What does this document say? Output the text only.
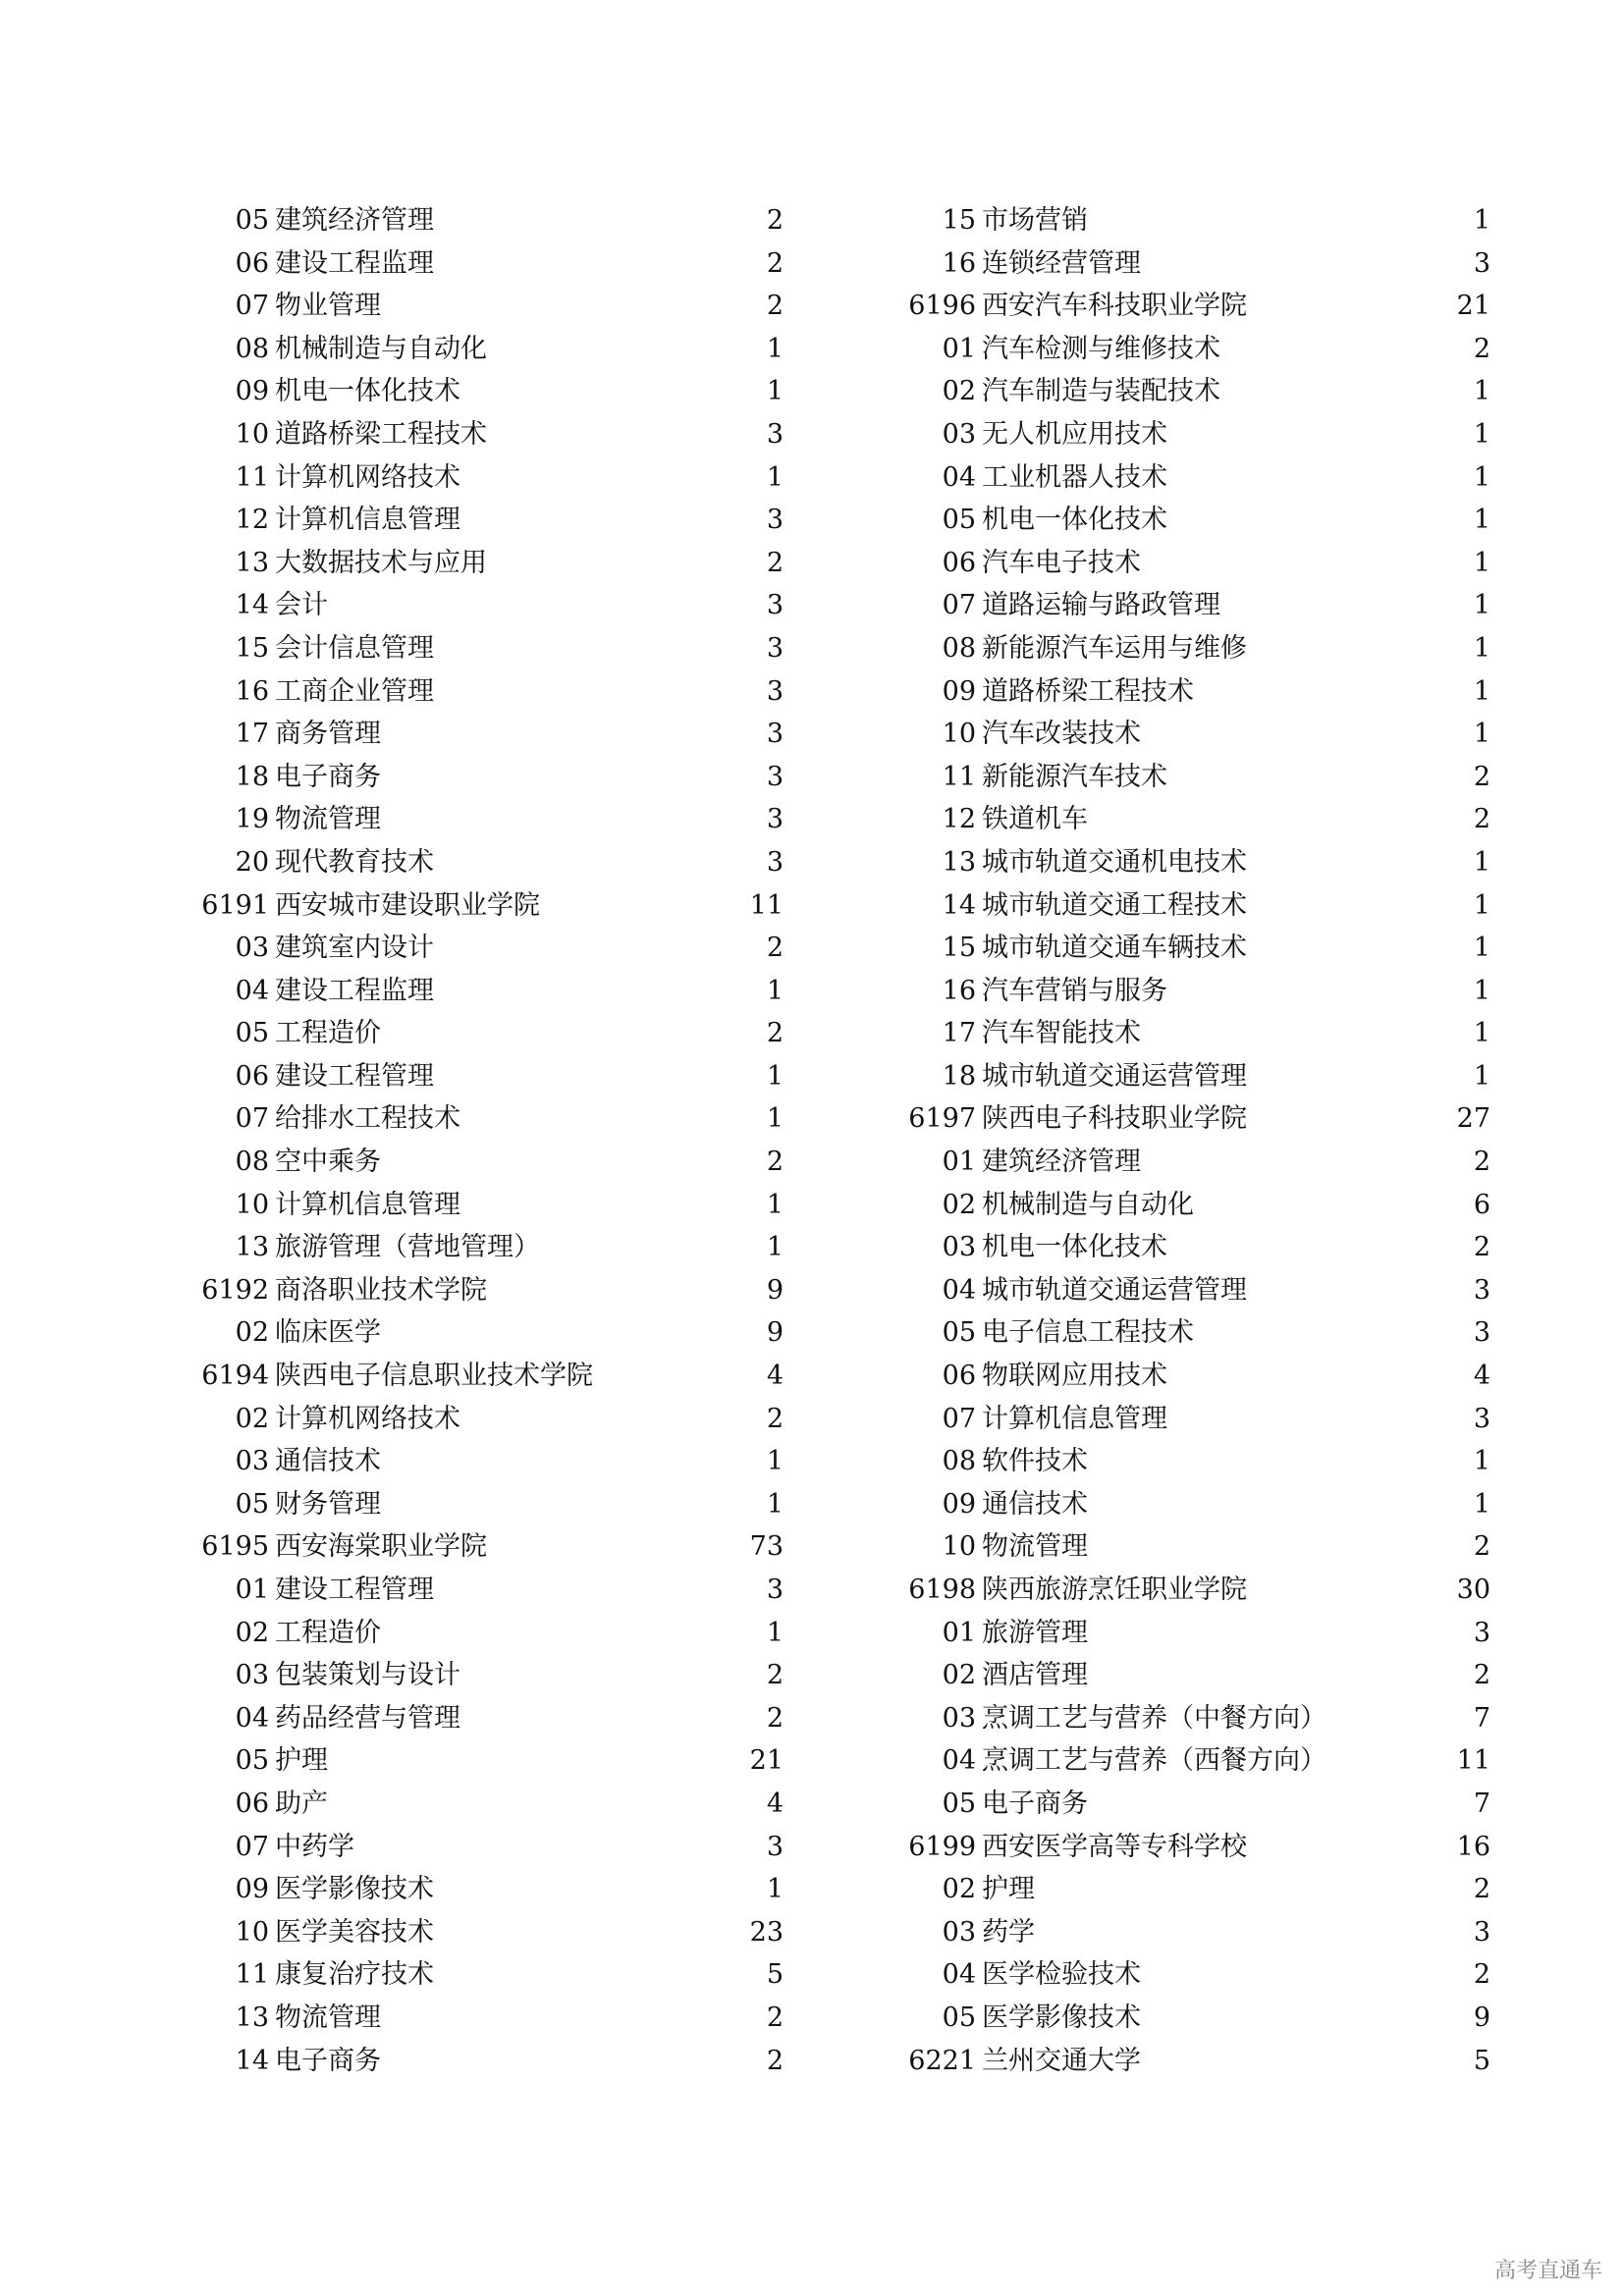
05 建筑经济管理	2
06 建设工程监理	2
07 物业管理	2
08 机械制造与自动化	1
09 机电一体化技术	1
10 道路桥梁工程技术	3
11 计算机网络技术	1
12 计算机信息管理	3
13 大数据技术与应用	2
14 会计	3
15 会计信息管理	3
16 工商企业管理	3
17 商务管理	3
18 电子商务	3
19 物流管理	3
20 现代教育技术	3
6191 西安城市建设职业学院	11
03 建筑室内设计	2
04 建设工程监理	1
05 工程造价	2
06 建设工程管理	1
07 给排水工程技术	1
08 空中乘务	2
10 计算机信息管理	1
13 旅游管理（营地管理）	1
6192 商洛职业技术学院	9
02 临床医学	9
6194 陕西电子信息职业技术学院	4
02 计算机网络技术	2
03 通信技术	1
05 财务管理	1
6195 西安海棠职业学院	73
01 建设工程管理	3
02 工程造价	1
03 包装策划与设计	2
04 药品经营与管理	2
05 护理	21
06 助产	4
07 中药学	3
09 医学影像技术	1
10 医学美容技术	23
11 康复治疗技术	5
13 物流管理	2
14 电子商务	2
15 市场营销	1
16 连锁经营管理	3
6196 西安汽车科技职业学院	21
01 汽车检测与维修技术	2
02 汽车制造与装配技术	1
03 无人机应用技术	1
04 工业机器人技术	1
05 机电一体化技术	1
06 汽车电子技术	1
07 道路运输与路政管理	1
08 新能源汽车运用与维修	1
09 道路桥梁工程技术	1
10 汽车改装技术	1
11 新能源汽车技术	2
12 铁道机车	2
13 城市轨道交通机电技术	1
14 城市轨道交通工程技术	1
15 城市轨道交通车辆技术	1
16 汽车营销与服务	1
17 汽车智能技术	1
18 城市轨道交通运营管理	1
6197 陕西电子科技职业学院	27
01 建筑经济管理	2
02 机械制造与自动化	6
03 机电一体化技术	2
04 城市轨道交通运营管理	3
05 电子信息工程技术	3
06 物联网应用技术	4
07 计算机信息管理	3
08 软件技术	1
09 通信技术	1
10 物流管理	2
6198 陕西旅游烹饪职业学院	30
01 旅游管理	3
02 酒店管理	2
03 烹调工艺与营养（中餐方向）	7
04 烹调工艺与营养（西餐方向）	11
05 电子商务	7
6199 西安医学高等专科学校	16
02 护理	2
03 药学	3
04 医学检验技术	2
05 医学影像技术	9
6221 兰州交通大学	5
高考直通车
